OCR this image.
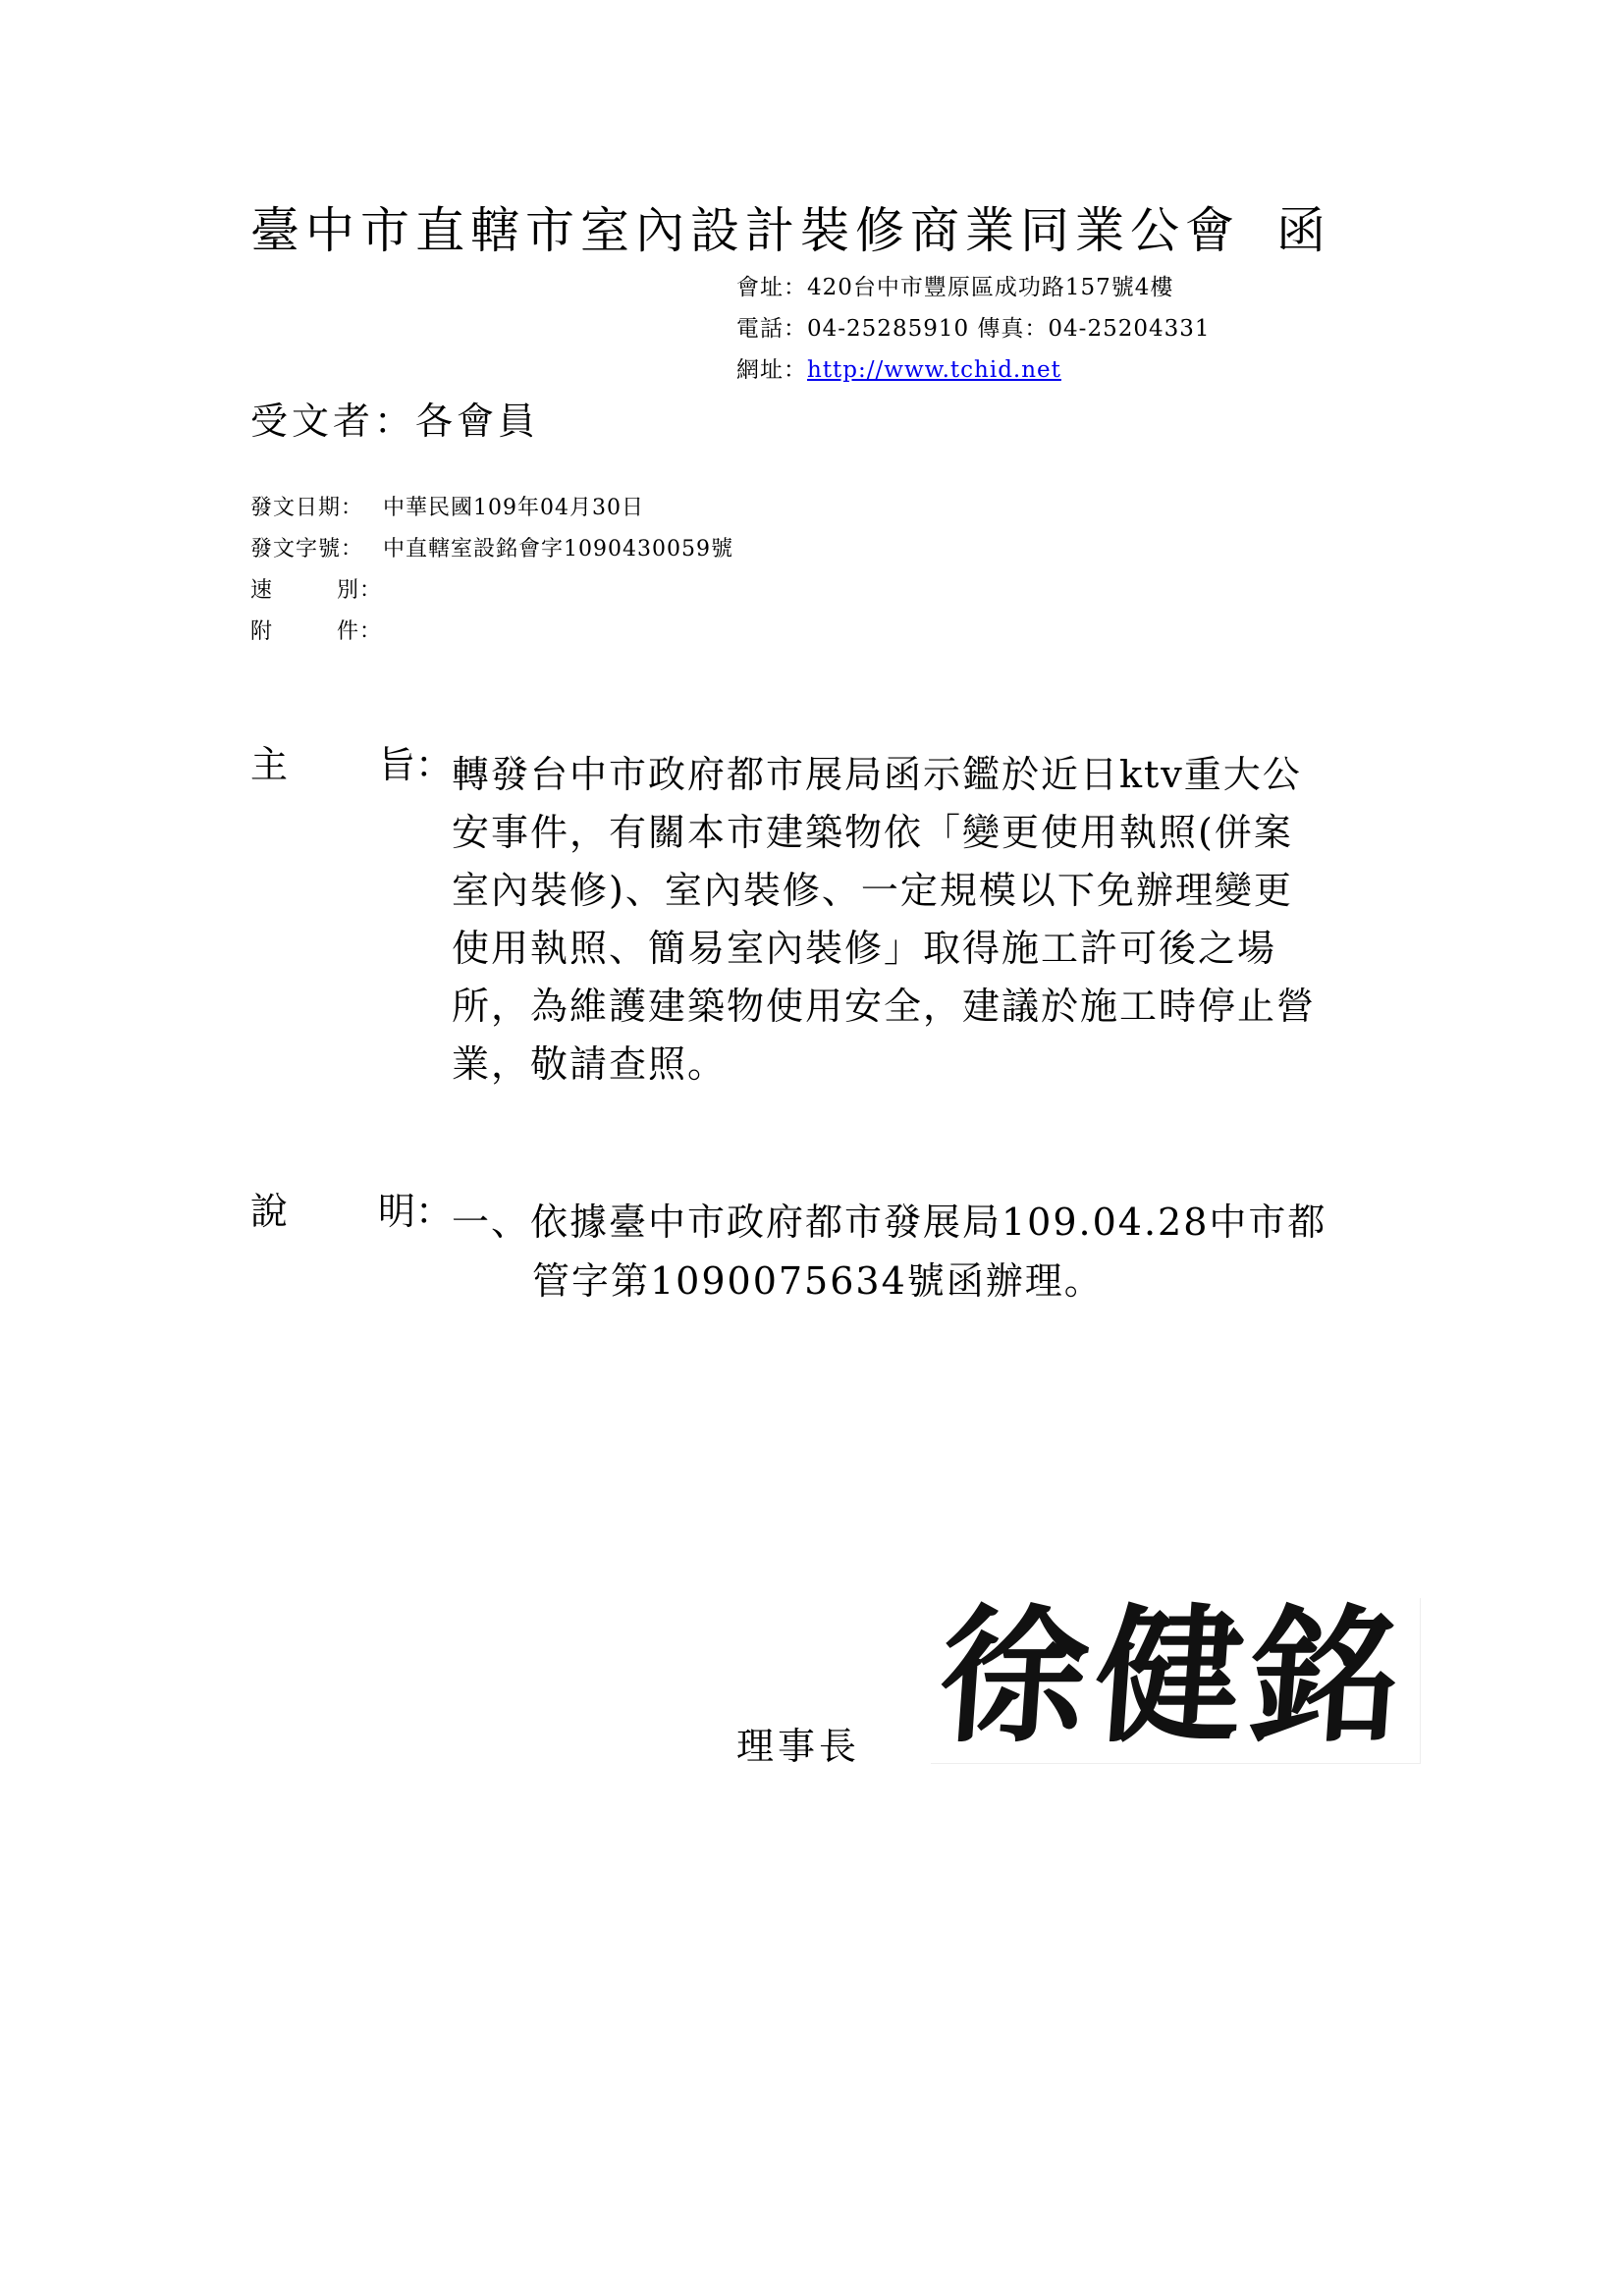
臺中市直轄市室內設計裝修商業同業公會 函
會址：420台中市豐原區成功路157號4樓
電話：04-25285910 傳真：04-25204331
網址：http://www.tchid.net
受文者：各會員
發文日期： 中華民國109年04月30日
發文字號： 中直轄室設銘會字1090430059號
速	別：
附	件：
主 旨：
轉發台中市政府都市展局函示鑑於近日ktv重大公
安事件，有關本市建築物依「變更使用執照(併案
室內裝修)、室內裝修、一定規模以下免辦理變更
使用執照、簡易室內裝修」取得施工許可後之場
所，為維護建築物使用安全，建議於施工時停止營
業，敬請查照。
說 明：
一、依據臺中市政府都市發展局109.04.28中市都
管字第1090075634號函辦理。
理事長 徐健銘
